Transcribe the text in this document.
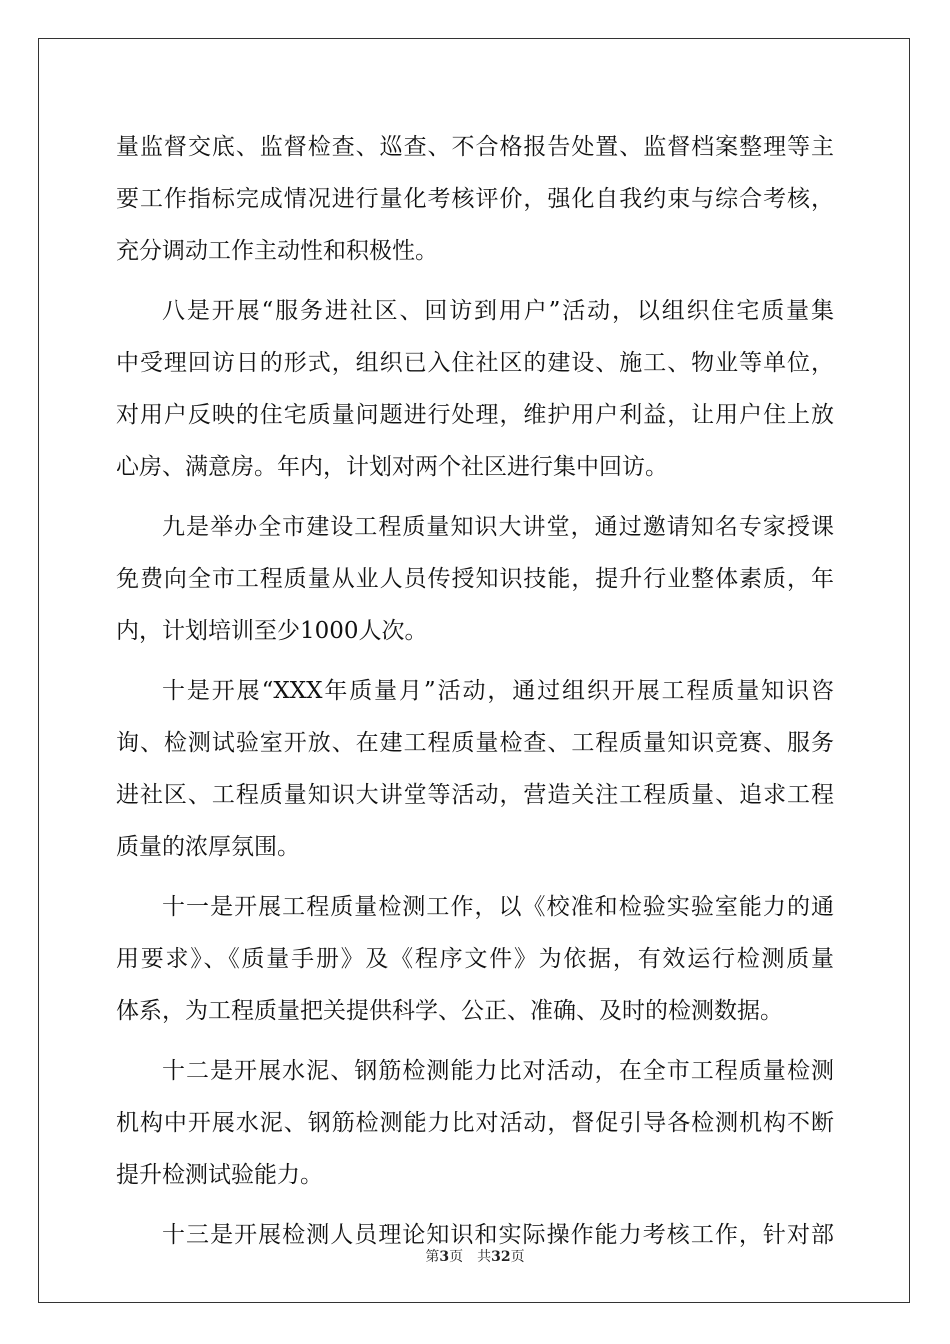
量监督交底、监督检查、巡查、不合格报告处置、监督档案整理等主
要工作指标完成情况进行量化考核评价，强化自我约束与综合考核，
充分调动工作主动性和积极性。
八是开展“服务进社区、回访到用户”活动，以组织住宅质量集
中受理回访日的形式，组织已入住社区的建设、施工、物业等单位，
对用户反映的住宅质量问题进行处理，维护用户利益，让用户住上放
心房、满意房。年内，计划对两个社区进行集中回访。
九是举办全市建设工程质量知识大讲堂，通过邀请知名专家授课
免费向全市工程质量从业人员传授知识技能，提升行业整体素质，年
内，计划培训至少1000人次。
十是开展“XXX年质量月”活动，通过组织开展工程质量知识咨
询、检测试验室开放、在建工程质量检查、工程质量知识竞赛、服务
进社区、工程质量知识大讲堂等活动，营造关注工程质量、追求工程
质量的浓厚氛围。
十一是开展工程质量检测工作，以《校准和检验实验室能力的通
用要求》、《质量手册》及《程序文件》为依据，有效运行检测质量
体系，为工程质量把关提供科学、公正、准确、及时的检测数据。
十二是开展水泥、钢筋检测能力比对活动，在全市工程质量检测
机构中开展水泥、钢筋检测能力比对活动，督促引导各检测机构不断
提升检测试验能力。
十三是开展检测人员理论知识和实际操作能力考核工作，针对部
第3页 共32页
